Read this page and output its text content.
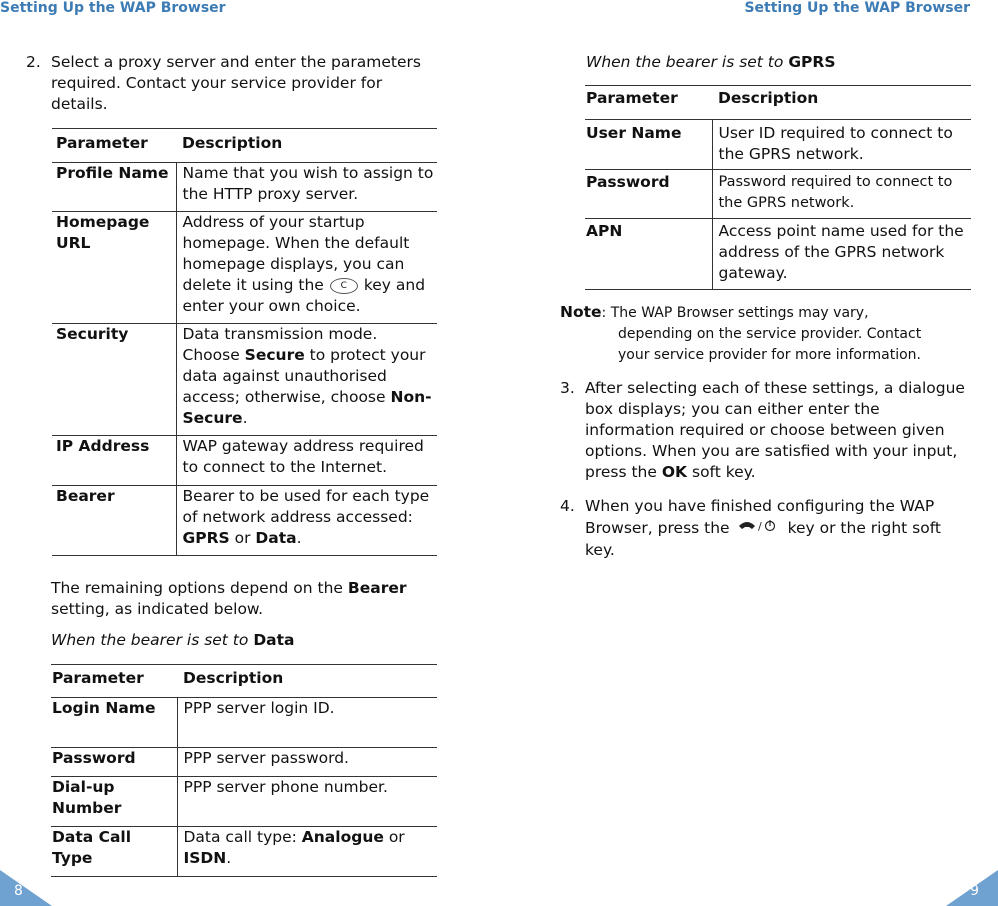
Setting Up the WAP Browser	Setting Up the WAP Browser
2. Select a proxy server and enter the parameters required. Contact your service provider for details.
Parameter	Description
Profile Name	Name that you wish to assign to the HTTP proxy server.
Homepage URL	Address of your startup homepage. When the default homepage displays, you can delete it using the C key and enter your own choice.
Security	Data transmission mode. Choose Secure to protect your data against unauthorised access; otherwise, choose Non-Secure.
IP Address	WAP gateway address required to connect to the Internet.
Bearer	Bearer to be used for each type of network address accessed: GPRS or Data.
The remaining options depend on the Bearer setting, as indicated below.
When the bearer is set to Data
Parameter	Description
Login Name	PPP server login ID.
Password	PPP server password.
Dial-up Number	PPP server phone number.
Data Call Type	Data call type: Analogue or ISDN.
8
When the bearer is set to GPRS
Parameter	Description
User Name	User ID required to connect to the GPRS network.
Password	Password required to connect to the GPRS network.
APN	Access point name used for the address of the GPRS network gateway.
Note: The WAP Browser settings may vary,
depending on the service provider. Contact
your service provider for more information.
3. After selecting each of these settings, a dialogue box displays; you can either enter the information required or choose between given options. When you are satisfied with your input, press the OK soft key.
4. When you have finished configuring the WAP Browser, press the	/ key or the right soft key.
9
